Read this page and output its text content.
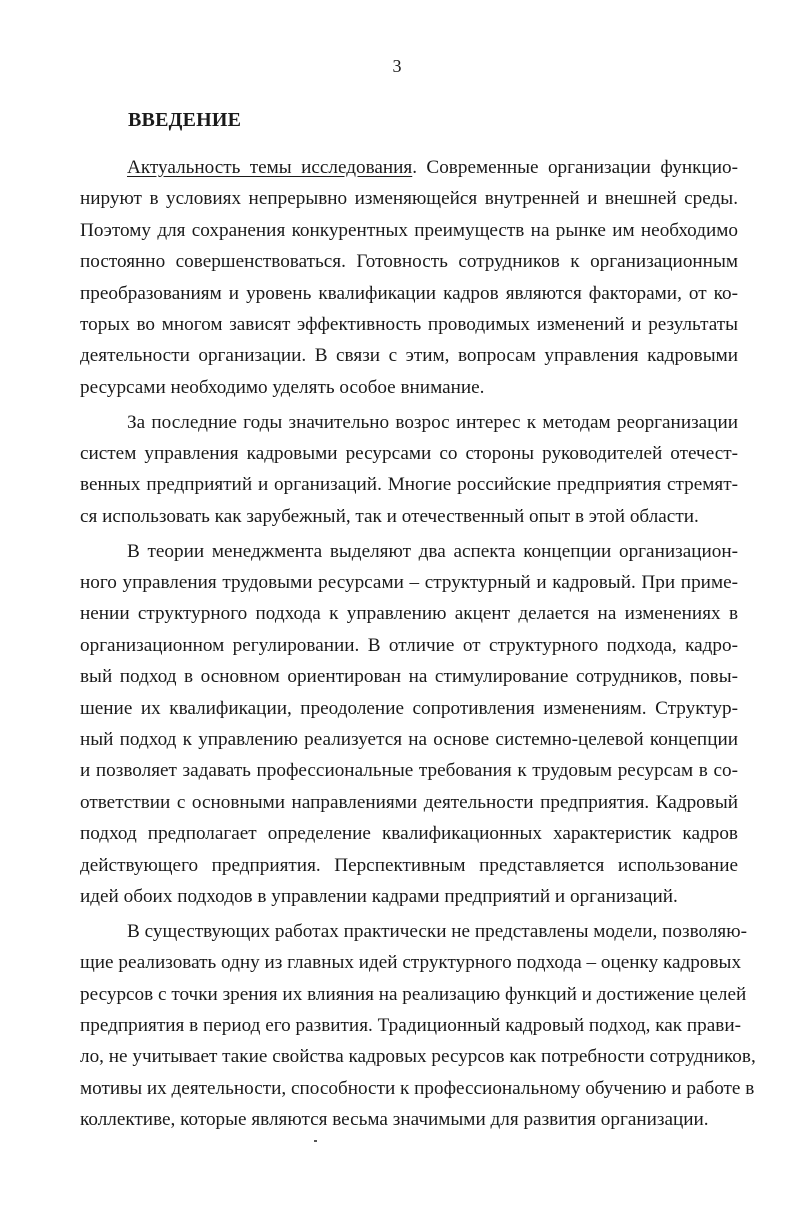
3
ВВЕДЕНИЕ
Актуальность темы исследования. Современные организации функцио-
нируют в условиях непрерывно изменяющейся внутренней и внешней среды.
Поэтому для сохранения конкурентных преимуществ на рынке им необходимо
постоянно совершенствоваться. Готовность сотрудников к организационным
преобразованиям и уровень квалификации кадров являются факторами, от ко-
торых во многом зависят эффективность проводимых изменений и результаты
деятельности организации. В связи с этим, вопросам управления кадровыми
ресурсами необходимо уделять особое внимание.
За последние годы значительно возрос интерес к методам реорганизации
систем управления кадровыми ресурсами со стороны руководителей отечест-
венных предприятий и организаций. Многие российские предприятия стремят-
ся использовать как зарубежный, так и отечественный опыт в этой области.
В теории менеджмента выделяют два аспекта концепции организацион-
ного управления трудовыми ресурсами – структурный и кадровый. При приме-
нении структурного подхода к управлению акцент делается на изменениях в
организационном регулировании. В отличие от структурного подхода, кадро-
вый подход в основном ориентирован на стимулирование сотрудников, повы-
шение их квалификации, преодоление сопротивления изменениям. Структур-
ный подход к управлению реализуется на основе системно-целевой концепции
и позволяет задавать профессиональные требования к трудовым ресурсам в со-
ответствии с основными направлениями деятельности предприятия. Кадровый
подход предполагает определение квалификационных характеристик кадров
действующего предприятия. Перспективным представляется использование
идей обоих подходов в управлении кадрами предприятий и организаций.
В существующих работах практически не представлены модели, позволяю-
щие реализовать одну из главных идей структурного подхода – оценку кадровых
ресурсов с точки зрения их влияния на реализацию функций и достижение целей
предприятия в период его развития. Традиционный кадровый подход, как прави-
ло, не учитывает такие свойства кадровых ресурсов как потребности сотрудников,
мотивы их деятельности, способности к профессиональному обучению и работе в
коллективе, которые являются весьма значимыми для развития организации.
